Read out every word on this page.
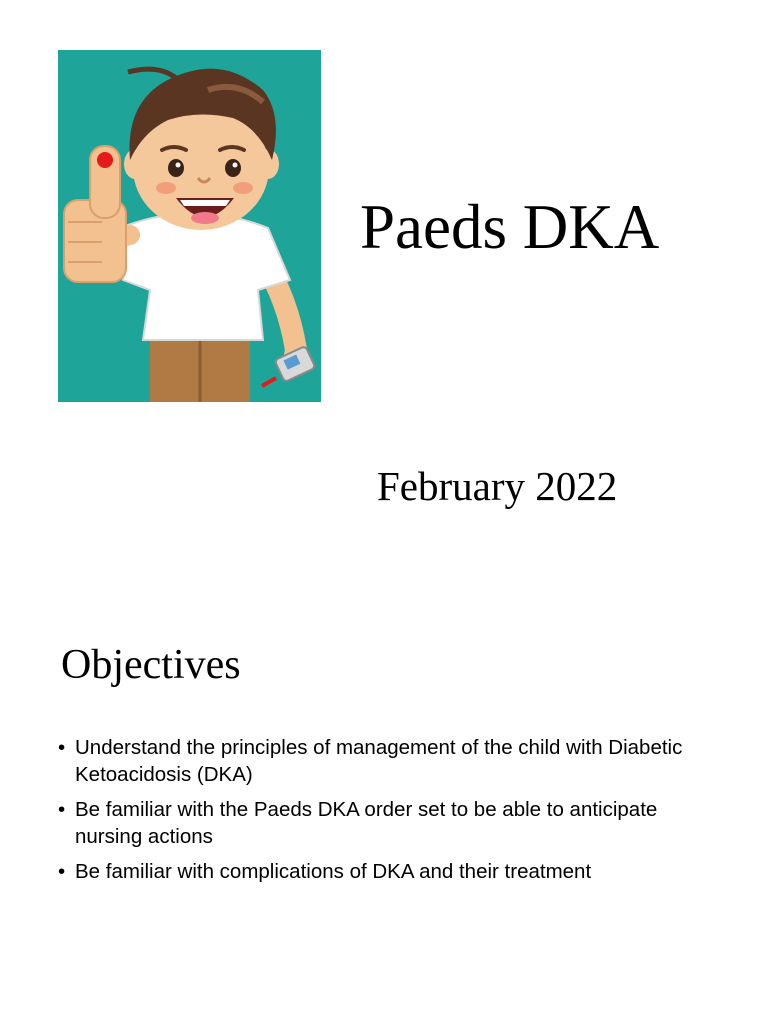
Paeds DKA

February 2022

Objectives
• Understand the principles of management of the child with Diabetic Ketoacidosis (DKA)
• Be familiar with the Paeds DKA order set to be able to anticipate nursing actions
• Be familiar with complications of DKA and their treatment
